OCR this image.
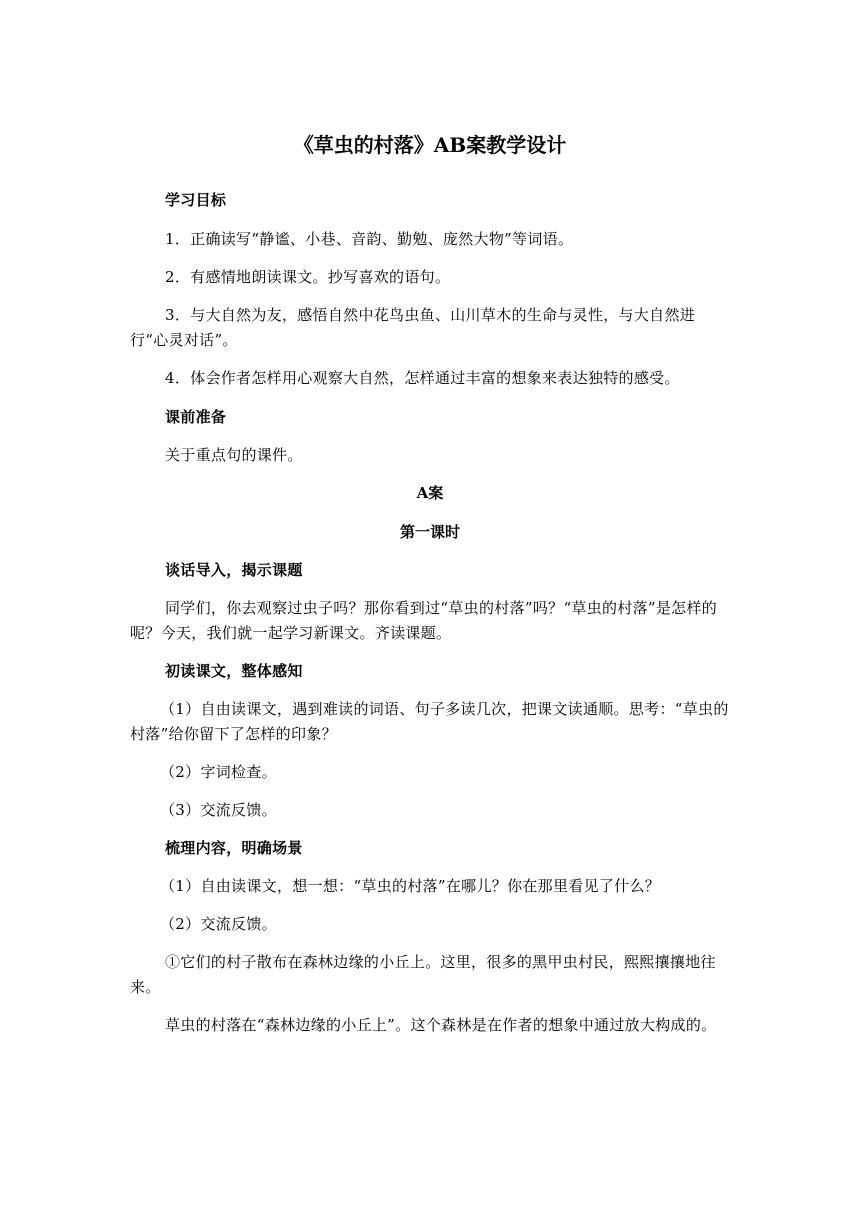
《草虫的村落》AB案教学设计

学习目标

1．正确读写“静谧、小巷、音韵、勤勉、庞然大物”等词语。

2．有感情地朗读课文。抄写喜欢的语句。

3．与大自然为友，感悟自然中花鸟虫鱼、山川草木的生命与灵性，与大自然进行“心灵对话”。

4．体会作者怎样用心观察大自然，怎样通过丰富的想象来表达独特的感受。

课前准备

关于重点句的课件。

A案

第一课时

谈话导入，揭示课题

同学们，你去观察过虫子吗？那你看到过“草虫的村落”吗？“草虫的村落”是怎样的呢？今天，我们就一起学习新课文。齐读课题。

初读课文，整体感知

（1）自由读课文，遇到难读的词语、句子多读几次，把课文读通顺。思考：“草虫的村落”给你留下了怎样的印象？

（2）字词检查。

（3）交流反馈。

梳理内容，明确场景

（1）自由读课文，想一想：“草虫的村落”在哪儿？你在那里看见了什么？

（2）交流反馈。

①它们的村子散布在森林边缘的小丘上。这里，很多的黑甲虫村民，熙熙攘攘地往来。

草虫的村落在“森林边缘的小丘上”。这个森林是在作者的想象中通过放大构成的。
